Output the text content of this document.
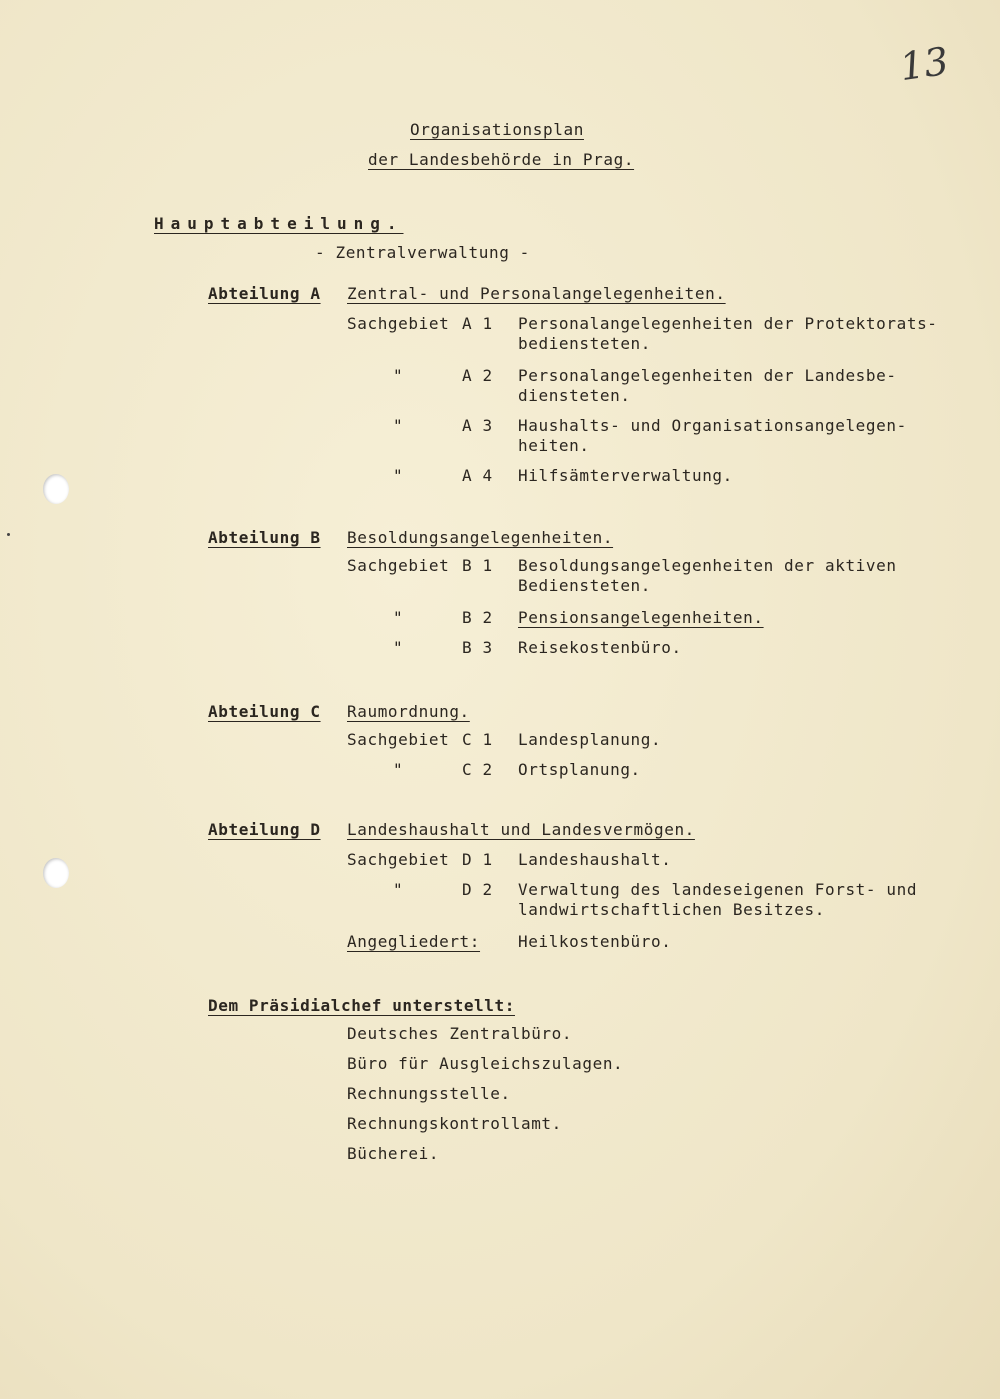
13
Organisationsplan
der Landesbehörde in Prag.
Hauptabteilung.
- Zentralverwaltung -
Abteilung A Zentral- und Personalangelegenheiten.
Sachgebiet A 1 Personalangelegenheiten der Protektorats-
bediensteten.
"	A 2 Personalangelegenheiten der Landesbe-
diensteten.
"	A 3 Haushalts- und Organisationsangelegen-
heiten.
"	A 4 Hilfsämterverwaltung.
Abteilung B Besoldungsangelegenheiten.
Sachgebiet B 1 Besoldungsangelegenheiten der aktiven
Bediensteten.
"	B 2 Pensionsangelegenheiten.
"	B 3 Reisekostenbüro.
Abteilung C Raumordnung.
Sachgebiet C 1 Landesplanung.
"	C 2 Ortsplanung.
Abteilung D Landeshaushalt und Landesvermögen.
Sachgebiet D 1 Landeshaushalt.
"	D 2 Verwaltung des landeseigenen Forst- und
landwirtschaftlichen Besitzes.
Angegliedert: Heilkostenbüro.
Dem Präsidialchef unterstellt:
Deutsches Zentralbüro.
Büro für Ausgleichszulagen.
Rechnungsstelle.
Rechnungskontrollamt.
Bücherei.
